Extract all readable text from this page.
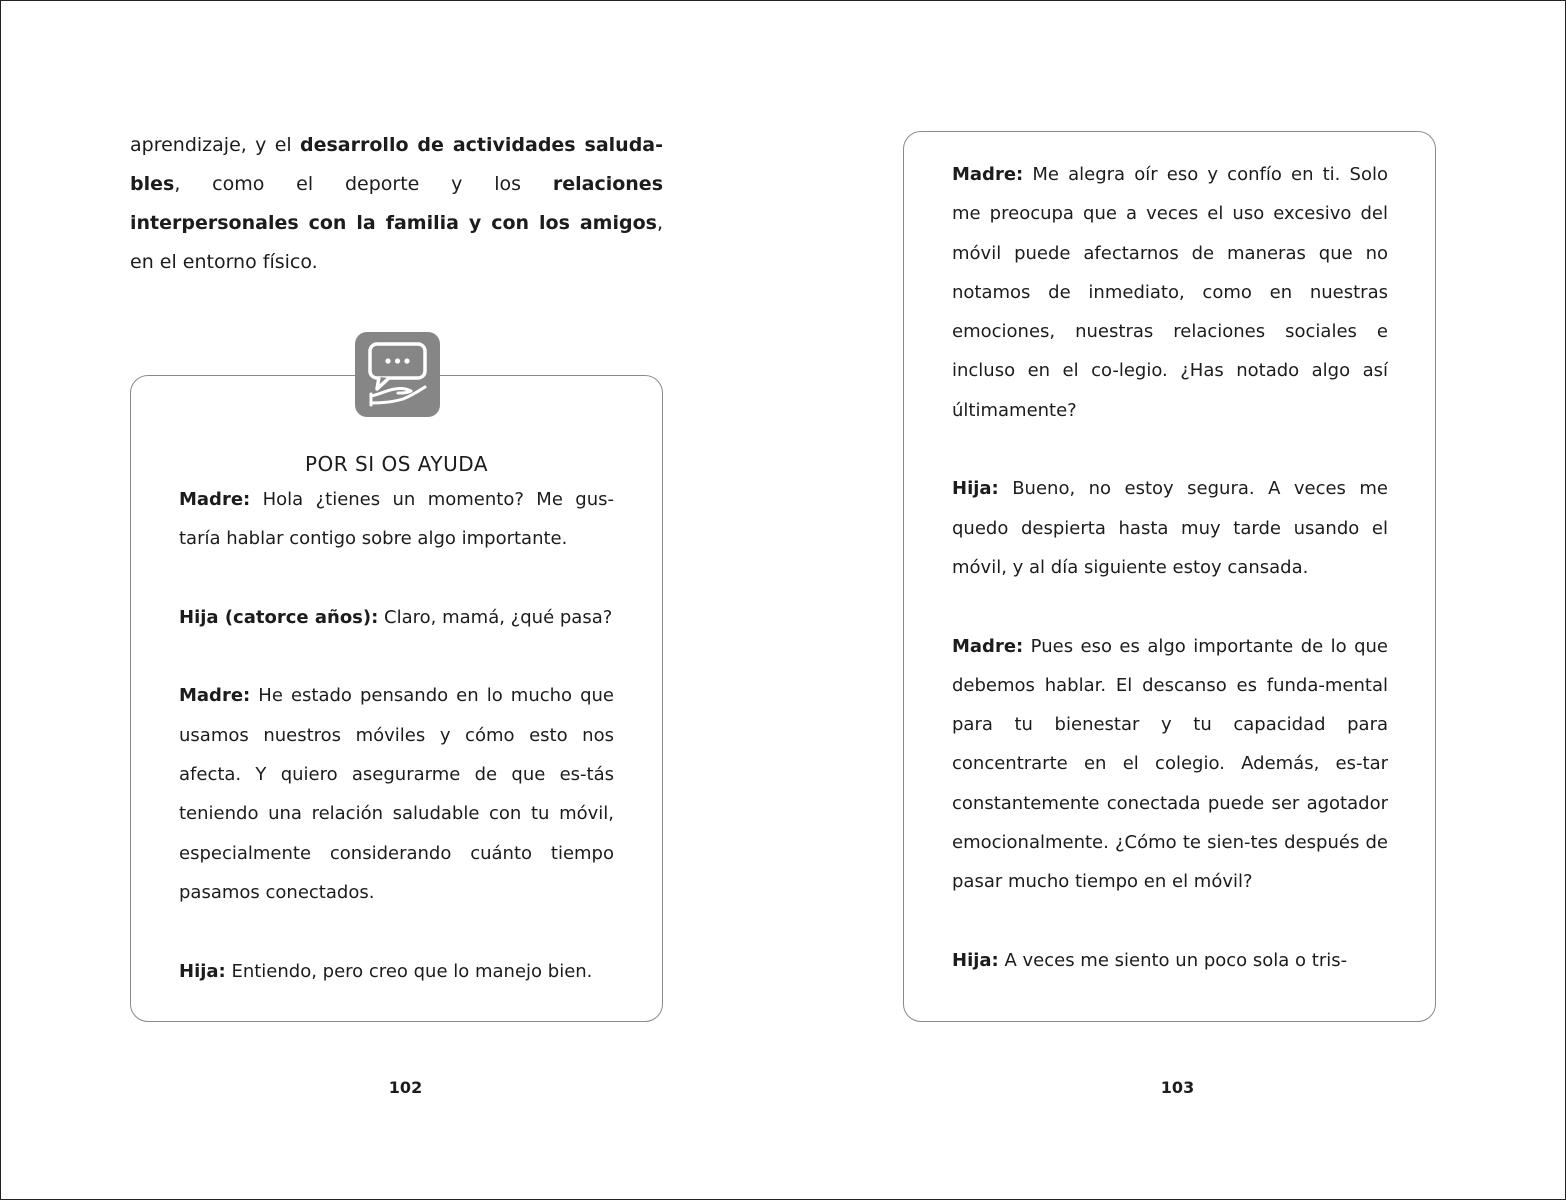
aprendizaje, y el desarrollo de actividades saluda-bles, como el deporte y los relaciones interpersonales con la familia y con los amigos, en el entorno físico.

POR SI OS AYUDA

Madre: Hola ¿tienes un momento? Me gus-taría hablar contigo sobre algo importante.

Hija (catorce años): Claro, mamá, ¿qué pasa?

Madre: He estado pensando en lo mucho que usamos nuestros móviles y cómo esto nos afecta. Y quiero asegurarme de que es-tás teniendo una relación saludable con tu móvil, especialmente considerando cuánto tiempo pasamos conectados.

Hija: Entiendo, pero creo que lo manejo bien.

102

Madre: Me alegra oír eso y confío en ti. Solo me preocupa que a veces el uso excesivo del móvil puede afectarnos de maneras que no notamos de inmediato, como en nuestras emociones, nuestras relaciones sociales e incluso en el co-legio. ¿Has notado algo así últimamente?

Hija: Bueno, no estoy segura. A veces me quedo despierta hasta muy tarde usando el móvil, y al día siguiente estoy cansada.

Madre: Pues eso es algo importante de lo que debemos hablar. El descanso es funda-mental para tu bienestar y tu capacidad para concentrarte en el colegio. Además, es-tar constantemente conectada puede ser agotador emocionalmente. ¿Cómo te sien-tes después de pasar mucho tiempo en el móvil?

Hija: A veces me siento un poco sola o tris-

103
